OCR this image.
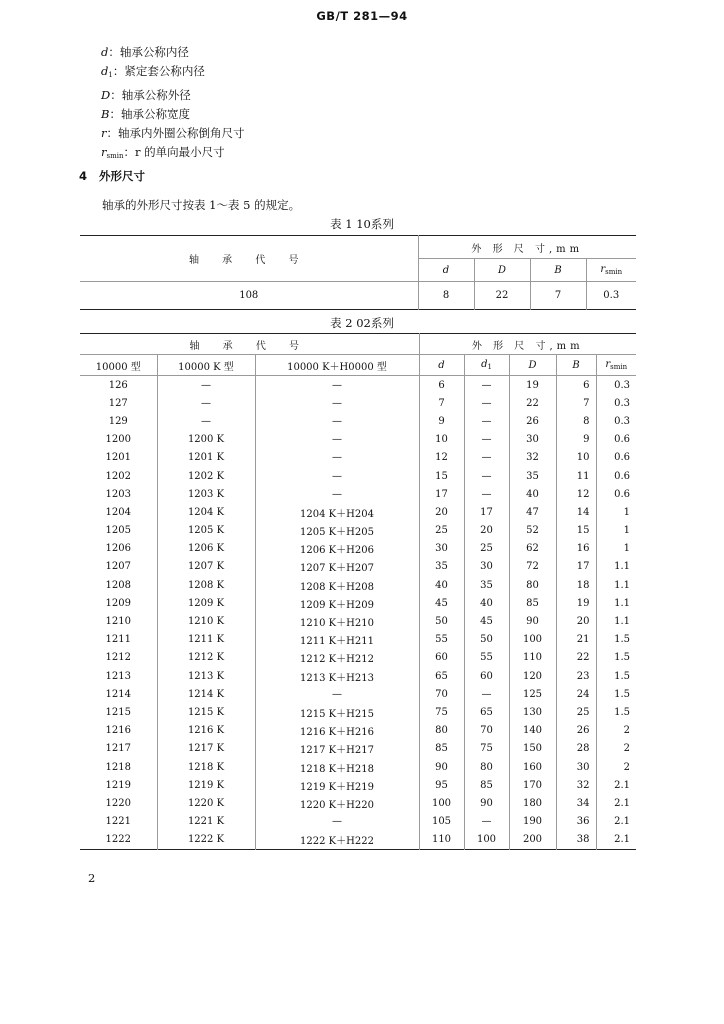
GB/T 281—94
d：轴承公称内径
$d_1$：紧定套公称内径
D：轴承公称外径
B：轴承公称宽度
r：轴承内外圈公称倒角尺寸
$r_{smin}$：r 的单向最小尺寸
4 外形尺寸
轴承的外形尺寸按表 1～表 5 的规定。
表 1 10系列
轴 承 代 号	外 形 尺 寸,mm			
	d	D	B	$r_{smin}$
108	8	22	7	0.3
表 2 02系列
轴 承 代 号			外 形 尺 寸,mm				
10000 型	10000 K 型	10000 K＋H0000 型	d	$d_1$	D	B	$r_{smin}$
126	—	—	6	—	19	6	0.3
127	—	—	7	—	22	7	0.3
129	—	—	9	—	26	8	0.3
1200	1200 K	—	10	—	30	9	0.6
1201	1201 K	—	12	—	32	10	0.6
1202	1202 K	—	15	—	35	11	0.6
1203	1203 K	—	17	—	40	12	0.6
1204	1204 K	1204 K＋H204	20	17	47	14	1
1205	1205 K	1205 K＋H205	25	20	52	15	1
1206	1206 K	1206 K＋H206	30	25	62	16	1
1207	1207 K	1207 K＋H207	35	30	72	17	1.1
1208	1208 K	1208 K＋H208	40	35	80	18	1.1
1209	1209 K	1209 K＋H209	45	40	85	19	1.1
1210	1210 K	1210 K＋H210	50	45	90	20	1.1
1211	1211 K	1211 K＋H211	55	50	100	21	1.5
1212	1212 K	1212 K＋H212	60	55	110	22	1.5
1213	1213 K	1213 K＋H213	65	60	120	23	1.5
1214	1214 K	—	70	—	125	24	1.5
1215	1215 K	1215 K＋H215	75	65	130	25	1.5
1216	1216 K	1216 K＋H216	80	70	140	26	2
1217	1217 K	1217 K＋H217	85	75	150	28	2
1218	1218 K	1218 K＋H218	90	80	160	30	2
1219	1219 K	1219 K＋H219	95	85	170	32	2.1
1220	1220 K	1220 K＋H220	100	90	180	34	2.1
1221	1221 K	—	105	—	190	36	2.1
1222	1222 K	1222 K＋H222	110	100	200	38	2.1
2
